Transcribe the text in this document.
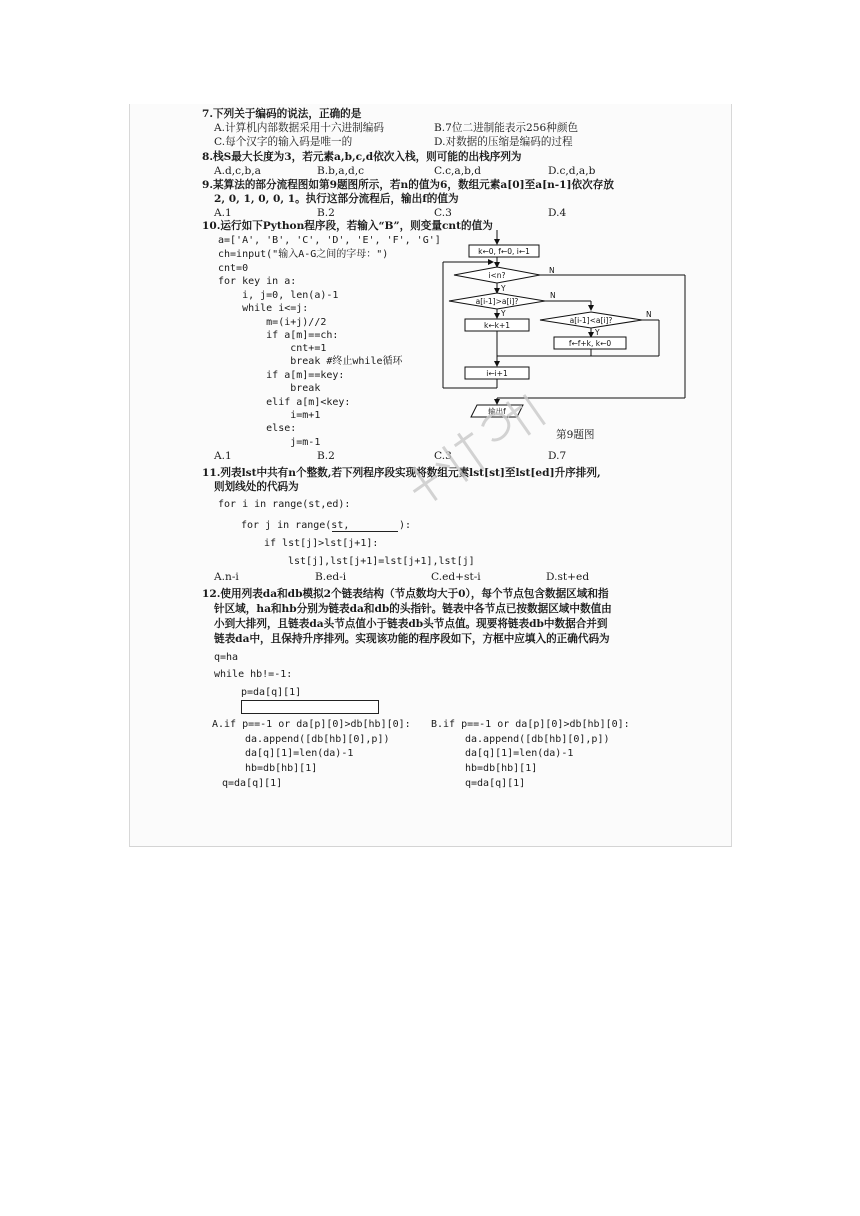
7.下列关于编码的说法，正确的是
A.计算机内部数据采用十六进制编码	B.7位二进制能表示256种颜色
C.每个汉字的输入码是唯一的	D.对数据的压缩是编码的过程
8.栈S最大长度为3，若元素a,b,c,d依次入栈，则可能的出栈序列为
A.d,c,b,a	B.b,a,d,c	C.c,a,b,d	D.c,d,a,b
9.某算法的部分流程图如第9题图所示，若n的值为6，数组元素a[0]至a[n-1]依次存放
2, 0, 1, 0, 0, 1。执行这部分流程后，输出f的值为
A.1	B.2	C.3	D.4
10.运行如下Python程序段，若输入“B”，则变量cnt的值为
a=['A', 'B', 'C', 'D', 'E', 'F', 'G']
ch=input("输入A-G之间的字母：")
cnt=0
for key in a:
i, j=0, len(a)-1
while i<=j:
m=(i+j)//2
if a[m]==ch:
cnt+=1
break #终止while循环
if a[m]==key:
break
elif a[m]<key:
i=m+1
else:
j=m-1
A.1	B.2	C.3	D.7
k←0, f←0, i←1
i<n?
a[i-1]>a[i]?
a[i-1]<a[i]?
k←k+1
f←f+k, k←0
i←i+1
输出f
N
Y
N
Y	N
Y
第9题图
11.列表lst中共有n个整数,若下列程序段实现将数组元素lst[st]至lst[ed]升序排列,
则划线处的代码为
for i in range(st,ed):
for j in range(st,	):
if lst[j]>lst[j+1]:
lst[j],lst[j+1]=lst[j+1],lst[j]
A.n-i	B.ed-i	C.ed+st-i	D.st+ed
12.使用列表da和db模拟2个链表结构（节点数均大于0），每个节点包含数据区域和指
针区域，ha和hb分别为链表da和db的头指针。链表中各节点已按数据区域中数值由
小到大排列，且链表da头节点值小于链表db头节点值。现要将链表db中数据合并到
链表da中，且保持升序排列。实现该功能的程序段如下，方框中应填入的正确代码为
q=ha
while hb!=-1:
p=da[q][1]
A.if p==-1 or da[p][0]>db[hb][0]:
da.append([db[hb][0],p])
da[q][1]=len(da)-1
hb=db[hb][1]
q=da[q][1]
B.if p==-1 or da[p][0]>db[hb][0]:
da.append([db[hb][0],p])
da[q][1]=len(da)-1
hb=db[hb][1]
q=da[q][1]
